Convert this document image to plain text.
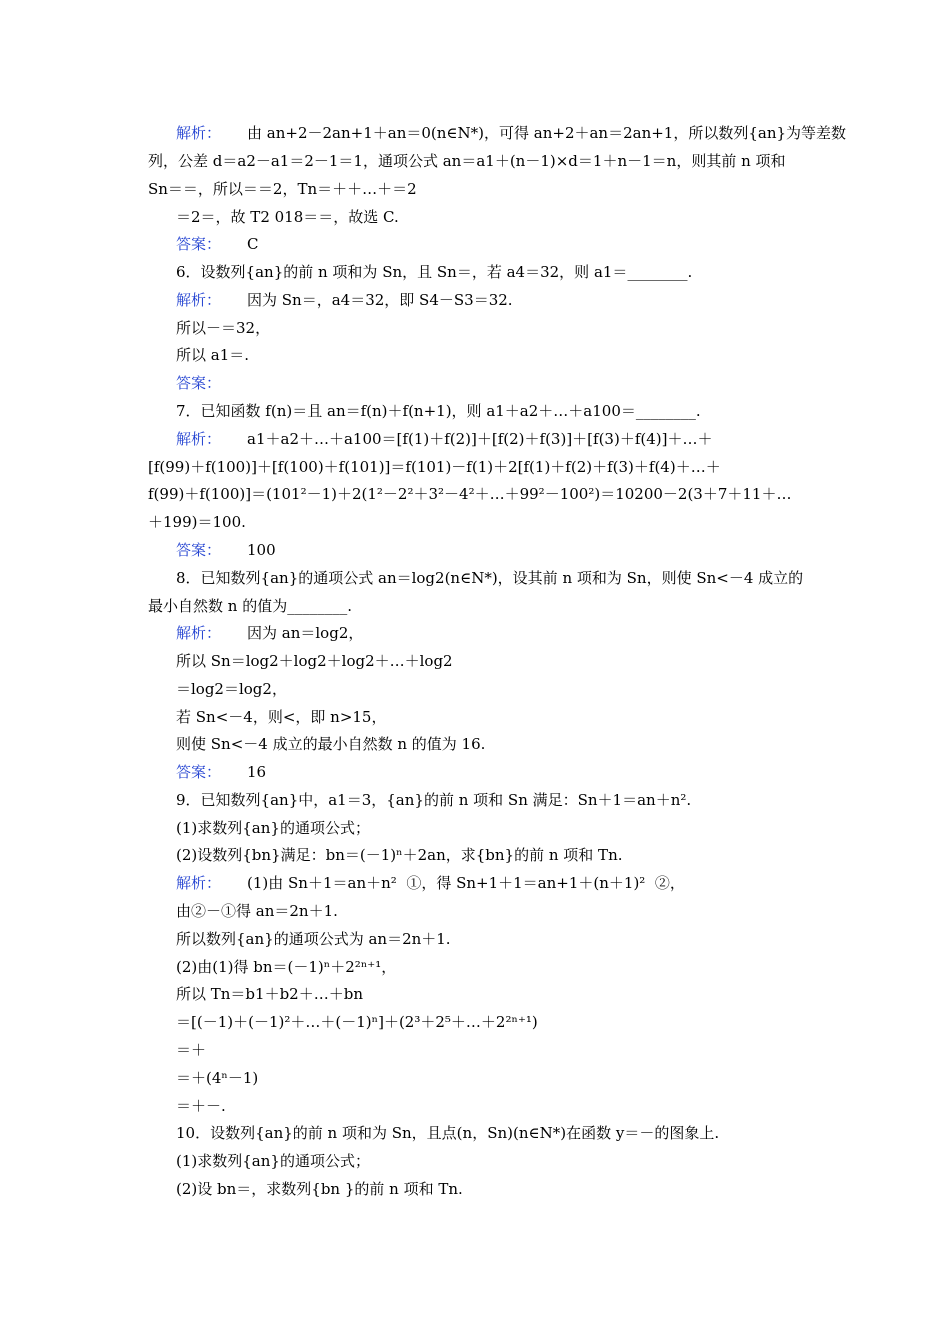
解析： 由 an+2－2an+1＋an＝0(n∈N*)，可得 an+2＋an＝2an+1，所以数列{an}为等差数
列，公差 d＝a2－a1＝2－1＝1，通项公式 an＝a1＋(n－1)×d＝1＋n－1＝n，则其前 n 项和
Sn＝＝，所以＝＝2，Tn＝＋＋…＋＝2
＝2＝，故 T2 018＝＝，故选 C.
答案： C
6．设数列{an}的前 n 项和为 Sn，且 Sn＝，若 a4＝32，则 a1＝________.
解析： 因为 Sn＝，a4＝32，即 S4－S3＝32.
所以－＝32，
所以 a1＝.
答案：
7．已知函数 f(n)＝且 an＝f(n)＋f(n+1)，则 a1＋a2＋…＋a100＝________.
解析： a1＋a2＋…＋a100＝[f(1)＋f(2)]＋[f(2)＋f(3)]＋[f(3)＋f(4)]＋…＋
[f(99)＋f(100)]＋[f(100)＋f(101)]＝f(101)－f(1)＋2[f(1)＋f(2)＋f(3)＋f(4)＋…＋
f(99)＋f(100)]＝(101²－1)＋2(1²－2²＋3²－4²＋…＋99²－100²)＝10200－2(3＋7＋11＋…
＋199)＝100.
答案： 100
8．已知数列{an}的通项公式 an＝log2(n∈N*)，设其前 n 项和为 Sn，则使 Sn<－4 成立的
最小自然数 n 的值为________.
解析： 因为 an＝log2，
所以 Sn＝log2＋log2＋log2＋…＋log2
＝log2＝log2，
若 Sn<－4，则<，即 n>15，
则使 Sn<－4 成立的最小自然数 n 的值为 16.
答案： 16
9．已知数列{an}中，a1＝3，{an}的前 n 项和 Sn 满足：Sn＋1＝an＋n².
(1)求数列{an}的通项公式；
(2)设数列{bn}满足：bn＝(－1)ⁿ＋2an，求{bn}的前 n 项和 Tn.
解析： (1)由 Sn＋1＝an＋n²  ①，得 Sn+1＋1＝an+1＋(n＋1)²  ②，
由②－①得 an＝2n＋1.
所以数列{an}的通项公式为 an＝2n＋1.
(2)由(1)得 bn＝(－1)ⁿ＋2²ⁿ⁺¹，
所以 Tn＝b1＋b2＋…＋bn
＝[(－1)＋(－1)²＋…＋(－1)ⁿ]＋(2³＋2⁵＋…＋2²ⁿ⁺¹)
＝＋
＝＋(4ⁿ－1)
＝＋－.
10．设数列{an}的前 n 项和为 Sn，且点(n，Sn)(n∈N*)在函数 y＝－的图象上.
(1)求数列{an}的通项公式；
(2)设 bn＝，求数列{bn }的前 n 项和 Tn.
